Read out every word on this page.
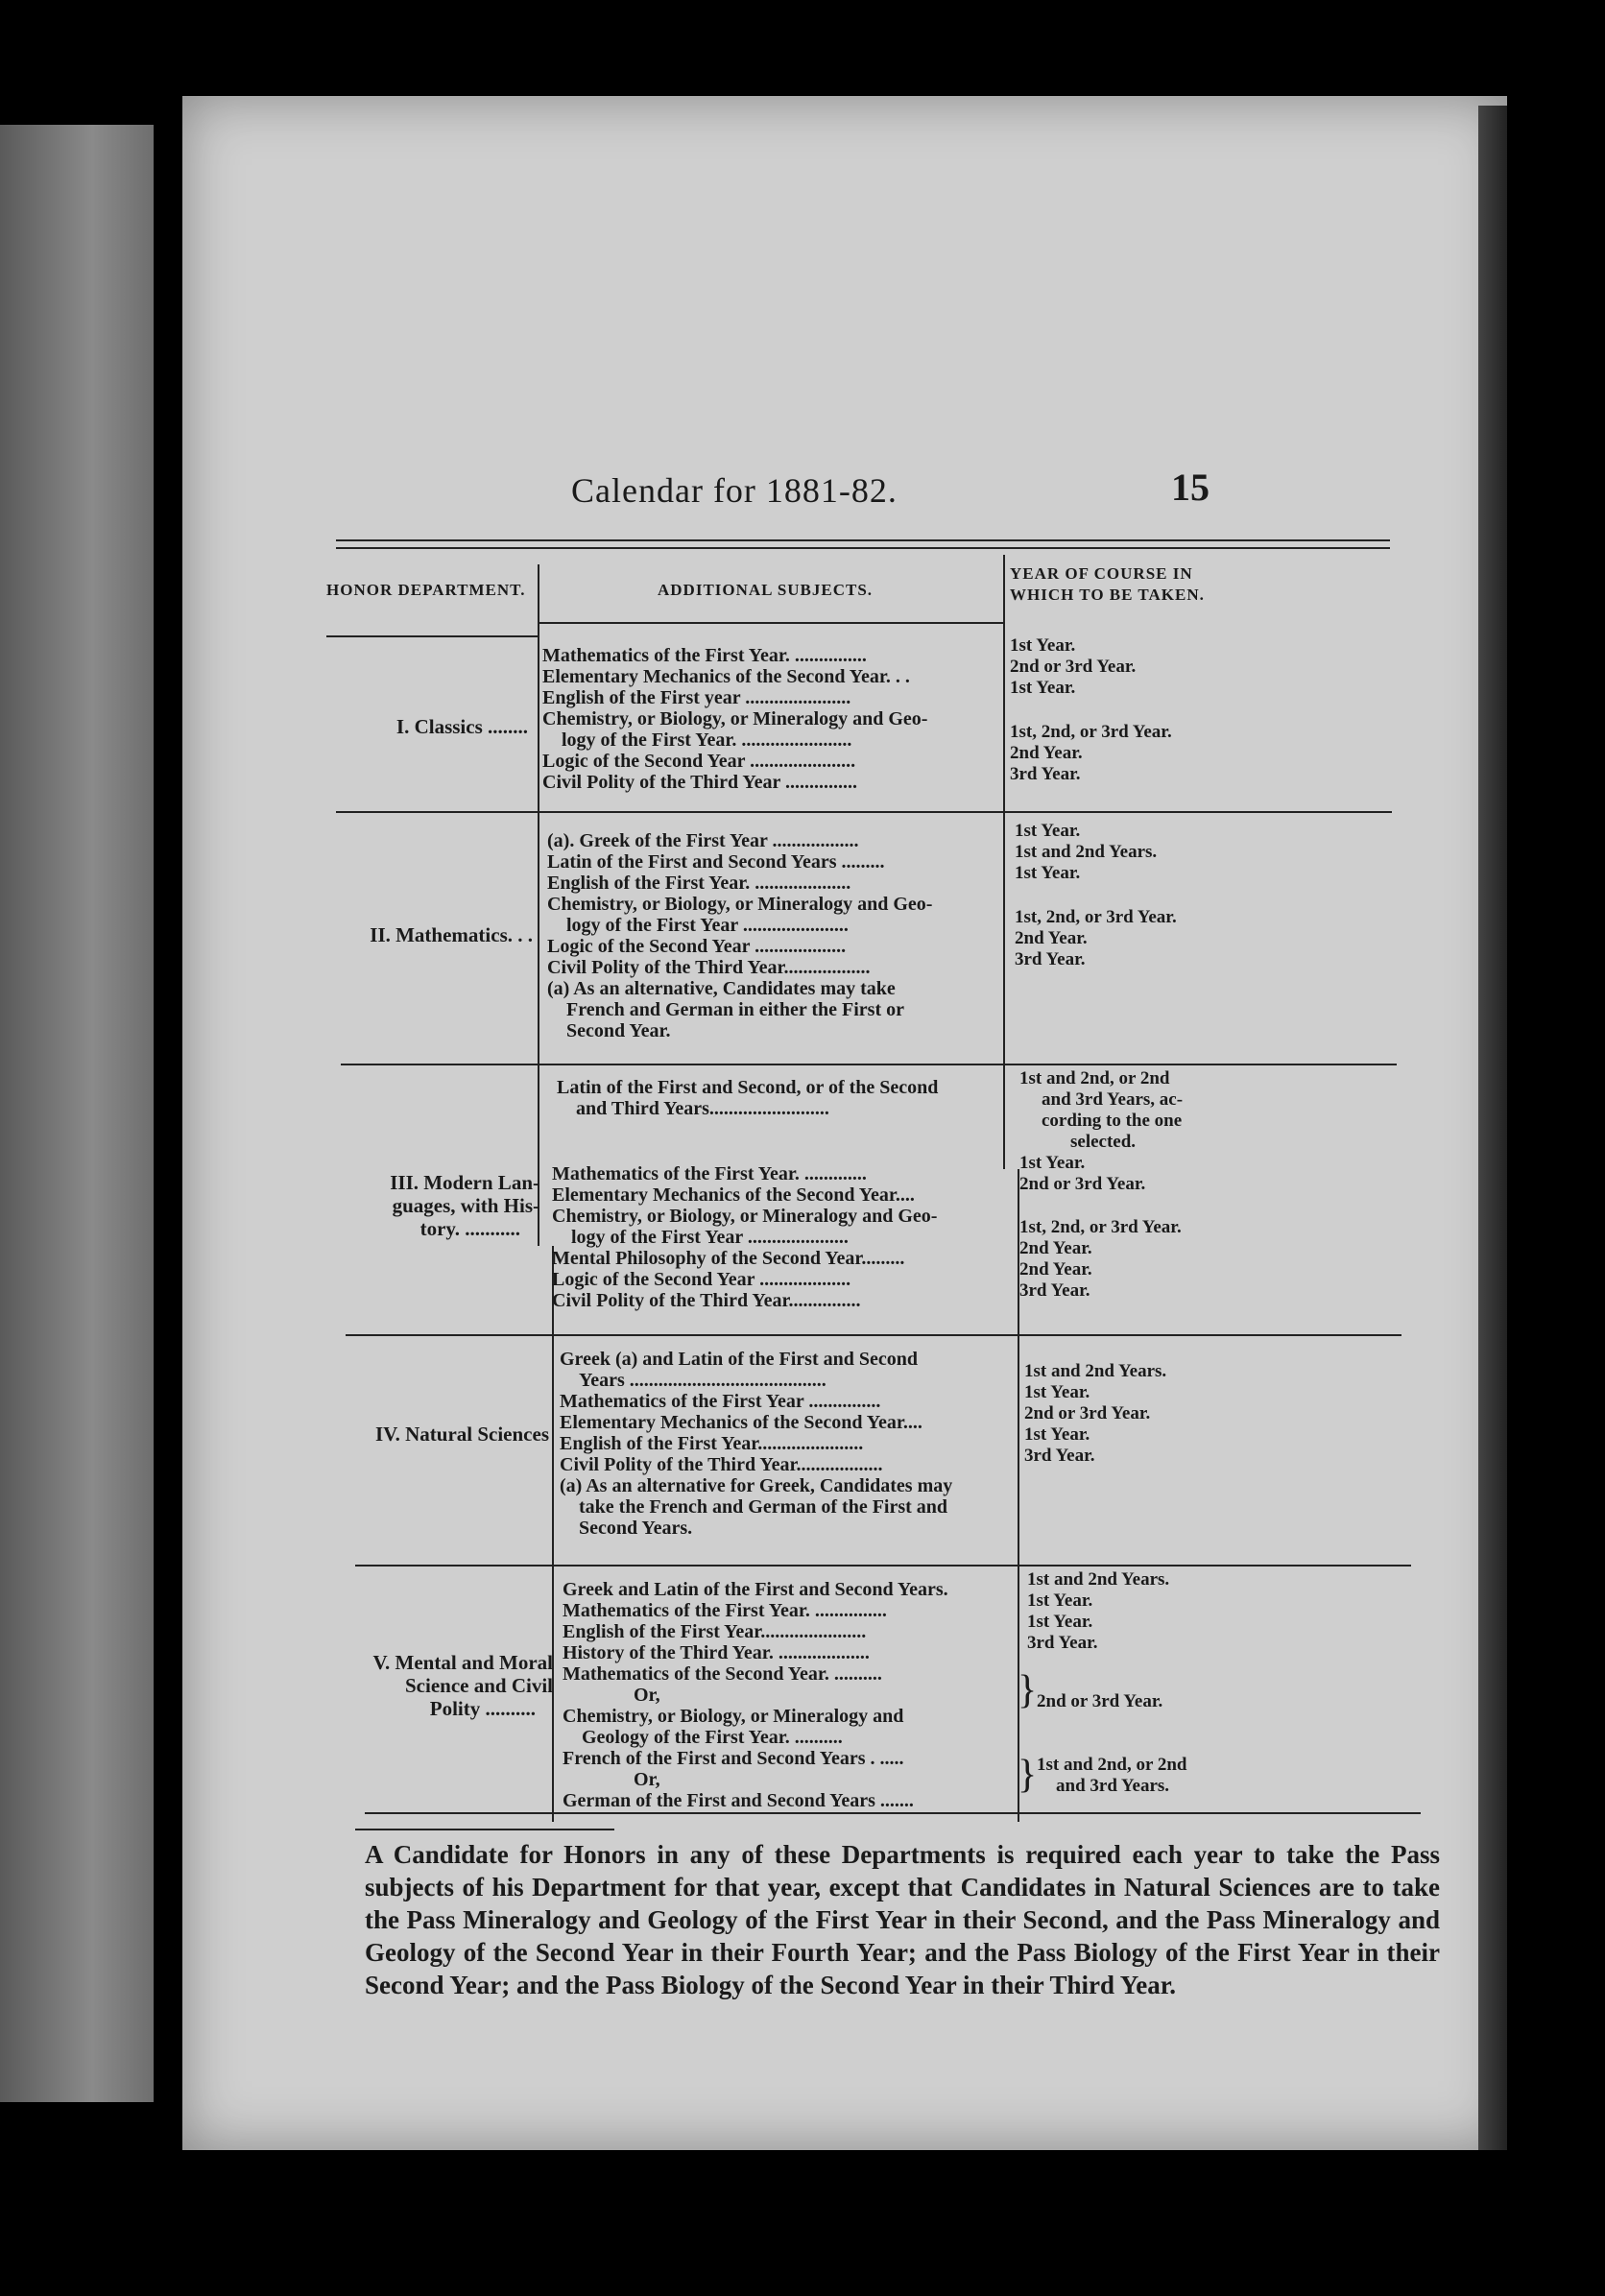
Calendar for 1881-82.	15
HONOR DEPARTMENT.	ADDITIONAL SUBJECTS.
YEAR OF COURSE IN
WHICH TO BE TAKEN.
I. Classics ........
Mathematics of the First Year. ...............
Elementary Mechanics of the Second Year. . .
English of the First year ......................
Chemistry, or Biology, or Mineralogy and Geo-
logy of the First Year. .......................
Logic of the Second Year ......................
Civil Polity of the Third Year ...............
1st Year.
2nd or 3rd Year.
1st Year.
1st, 2nd, or 3rd Year.
2nd Year.
3rd Year.
II. Mathematics. . .
(a). Greek of the First Year ..................
Latin of the First and Second Years .........
English of the First Year. ....................
Chemistry, or Biology, or Mineralogy and Geo-
logy of the First Year ......................
Logic of the Second Year ...................
Civil Polity of the Third Year..................
(a) As an alternative, Candidates may take
French and German in either the First or
Second Year.
1st Year.
1st and 2nd Years.
1st Year.
1st, 2nd, or 3rd Year.
2nd Year.
3rd Year.
III. Modern Lan-
guages, with His-
tory. ...........
Latin of the First and Second, or of the Second
and Third Years.........................
Mathematics of the First Year. .............
Elementary Mechanics of the Second Year....
Chemistry, or Biology, or Mineralogy and Geo-
logy of the First Year .....................
Mental Philosophy of the Second Year.........
Logic of the Second Year ...................
Civil Polity of the Third Year...............
1st and 2nd, or 2nd
and 3rd Years, ac-
cording to the one
selected.
1st Year.
2nd or 3rd Year.
1st, 2nd, or 3rd Year.
2nd Year.
2nd Year.
3rd Year.
IV. Natural Sciences
Greek (a) and Latin of the First and Second
Years .........................................
Mathematics of the First Year ...............
Elementary Mechanics of the Second Year....
English of the First Year......................
Civil Polity of the Third Year..................
(a) As an alternative for Greek, Candidates may
take the French and German of the First and
Second Years.
1st and 2nd Years.
1st Year.
2nd or 3rd Year.
1st Year.
3rd Year.
V. Mental and Moral
Science and Civil
Polity ..........
Greek and Latin of the First and Second Years.
Mathematics of the First Year. ...............
English of the First Year......................
History of the Third Year. ...................
Mathematics of the Second Year. ..........
Or,
Chemistry, or Biology, or Mineralogy and
Geology of the First Year. ..........
French of the First and Second Years . .....
Or,
German of the First and Second Years .......
}
}
1st and 2nd Years.
1st Year.
1st Year.
3rd Year.
2nd or 3rd Year.
1st and 2nd, or 2nd
and 3rd Years.
A Candidate for Honors in any of these Departments is required each year to take the Pass subjects of his Department for that year, except that Candidates in Natural Sciences are to take the Pass Mineralogy and Geology of the First Year in their Second, and the Pass Mineralogy and Geology of the Second Year in their Fourth Year; and the Pass Biology of the First Year in their Second Year; and the Pass Biology of the Second Year in their Third Year.
